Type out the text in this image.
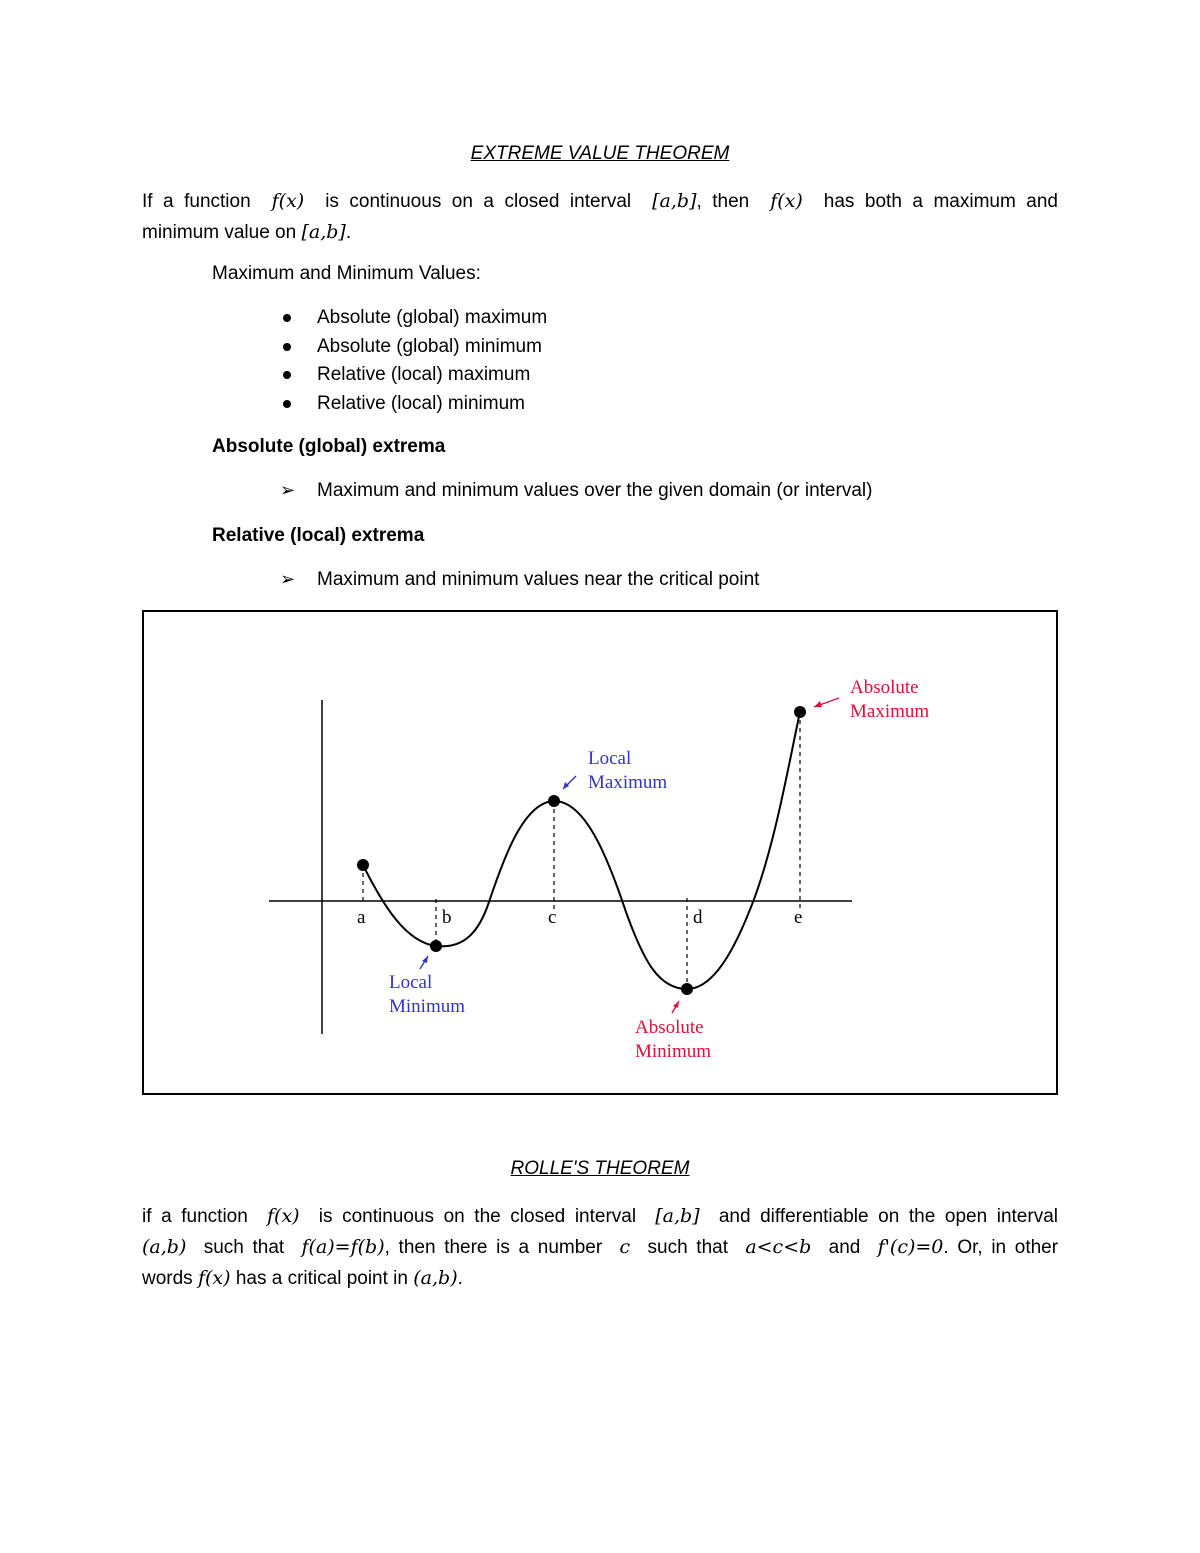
EXTREME VALUE THEOREM
If a function f(x) is continuous on a closed interval [a,b], then f(x) has both a maximum and
minimum value on [a,b].
Maximum and Minimum Values:
Absolute (global) maximum
Absolute (global) minimum
Relative (local) maximum
Relative (local) minimum
Absolute (global) extrema
➢ Maximum and minimum values over the given domain (or interval)
Relative (local) extrema
➢ Maximum and minimum values near the critical point
a	b	c	d	e
Local
Maximum
Local
Minimum
Absolute
Maximum
Absolute
Minimum
ROLLE'S THEOREM
if a function f(x) is continuous on the closed interval [a,b] and differentiable on the open interval
(a,b) such that f(a)=f(b), then there is a number c such that a<c<b and f'(c)=0. Or, in other
words f(x) has a critical point in (a,b).
